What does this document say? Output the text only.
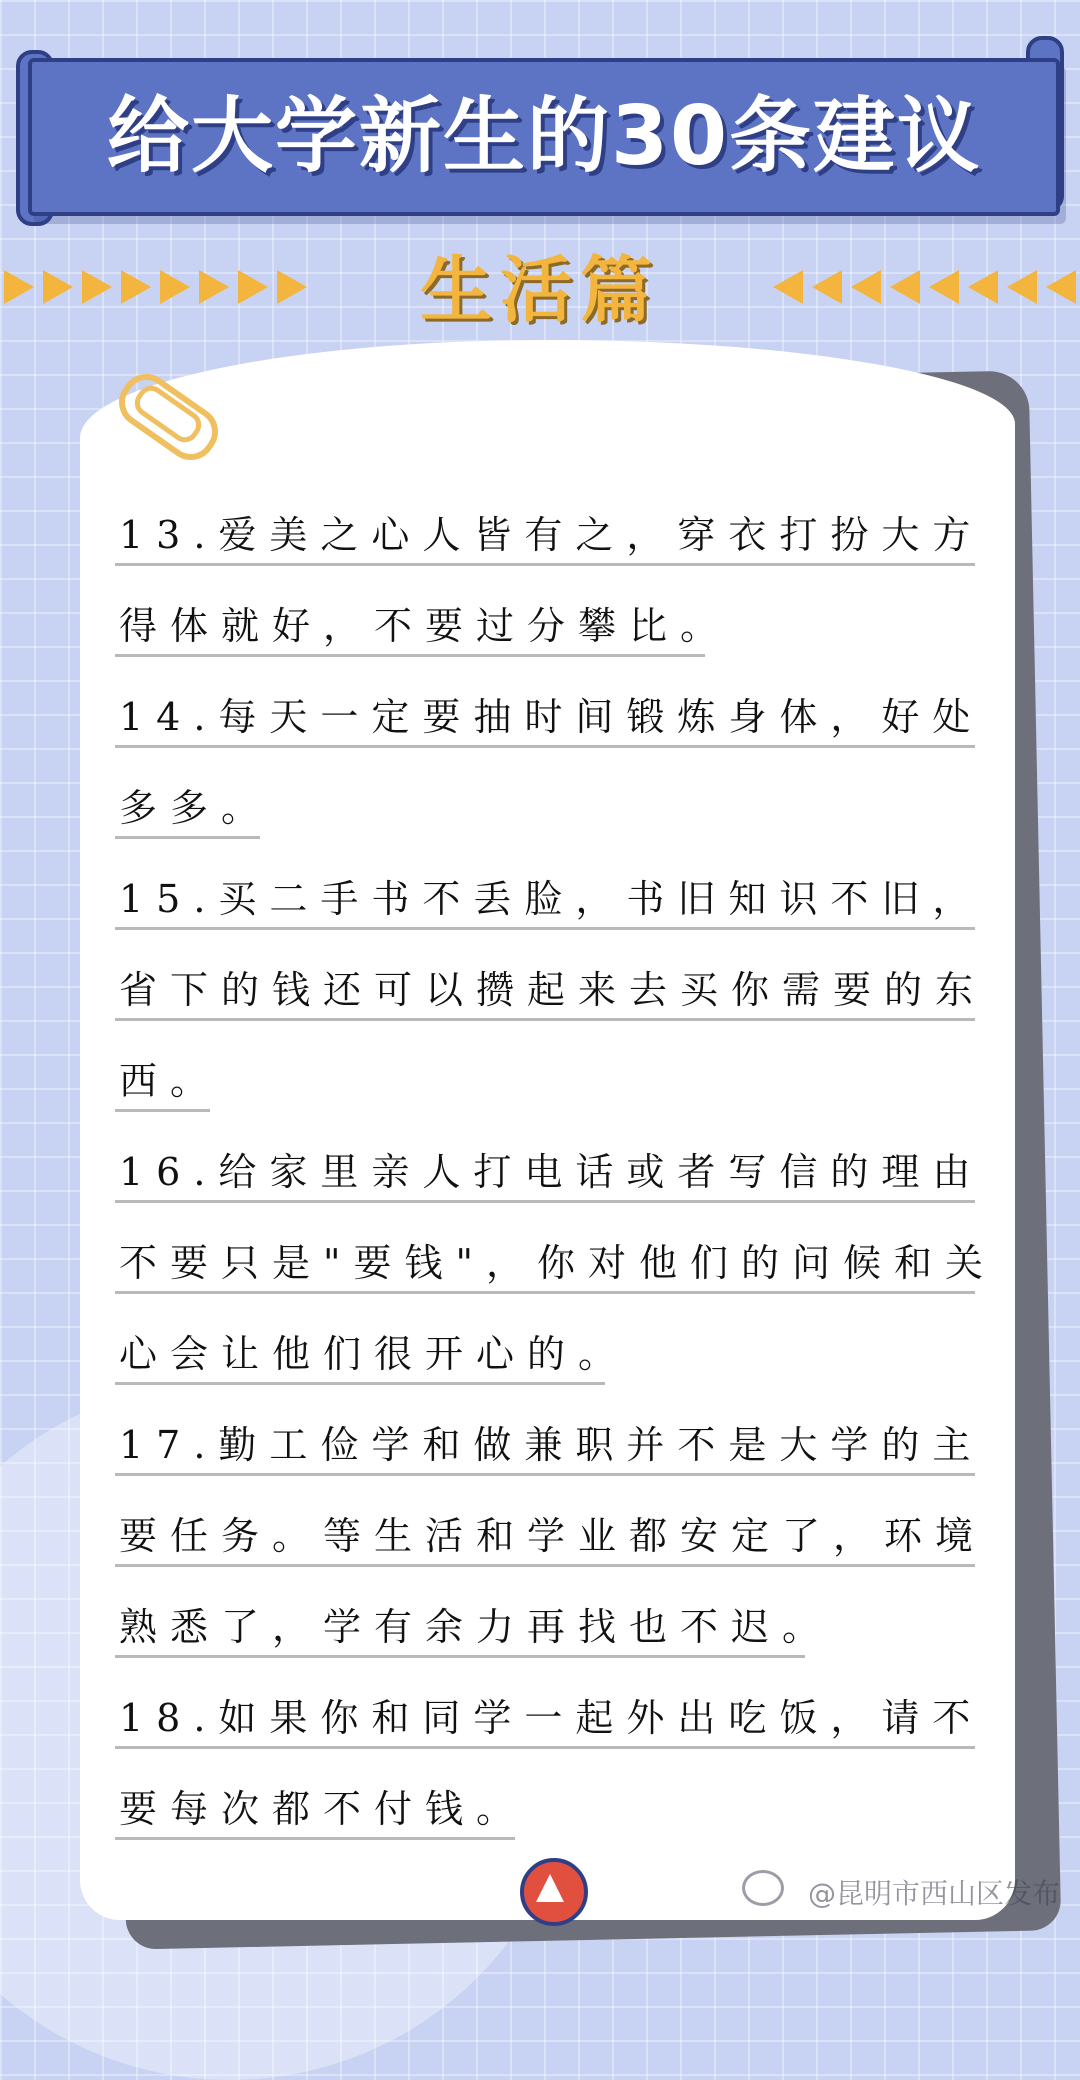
给大学新生的30条建议
生活篇
13.爱美之心人皆有之，穿衣打扮大方
得体就好，不要过分攀比。
14.每天一定要抽时间锻炼身体，好处
多多。
15.买二手书不丢脸，书旧知识不旧，
省下的钱还可以攒起来去买你需要的东
西。
16.给家里亲人打电话或者写信的理由
不要只是"要钱"，你对他们的问候和关
心会让他们很开心的。
17.勤工俭学和做兼职并不是大学的主
要任务。等生活和学业都安定了，环境
熟悉了，学有余力再找也不迟。
18.如果你和同学一起外出吃饭，请不
要每次都不付钱。
@昆明市西山区发布
